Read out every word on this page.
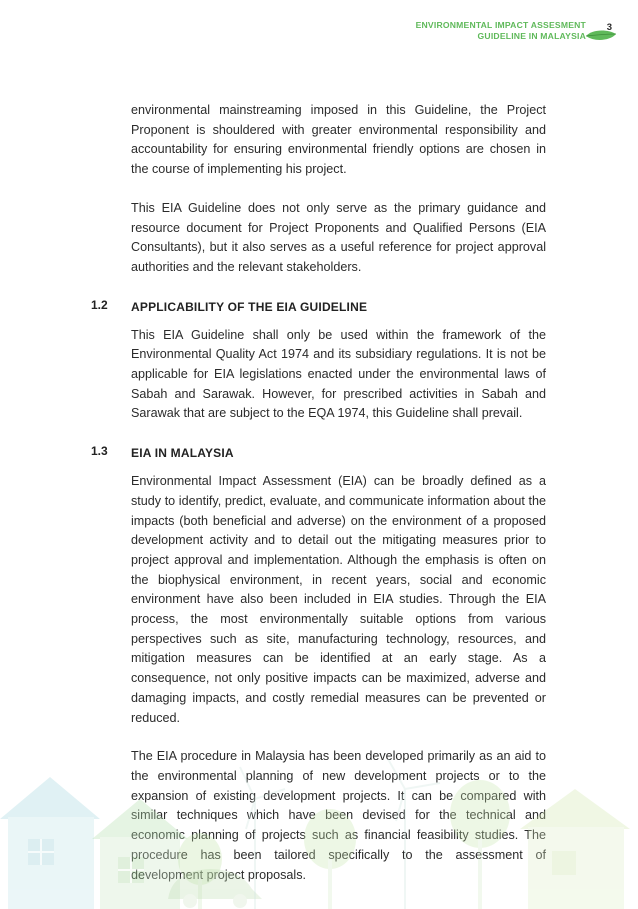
ENVIRONMENTAL IMPACT ASSESMENT
GUIDELINE IN MALAYSIA
3

environmental mainstreaming imposed in this Guideline, the Project Proponent is shouldered with greater environmental responsibility and accountability for ensuring environmental friendly options are chosen in the course of implementing his project.

This EIA Guideline does not only serve as the primary guidance and resource document for Project Proponents and Qualified Persons (EIA Consultants), but it also serves as a useful reference for project approval authorities and the relevant stakeholders.

1.2 APPLICABILITY OF THE EIA GUIDELINE

This EIA Guideline shall only be used within the framework of the Environmental Quality Act 1974 and its subsidiary regulations. It is not be applicable for EIA legislations enacted under the environmental laws of Sabah and Sarawak. However, for prescribed activities in Sabah and Sarawak that are subject to the EQA 1974, this Guideline shall prevail.

1.3 EIA IN MALAYSIA

Environmental Impact Assessment (EIA) can be broadly defined as a study to identify, predict, evaluate, and communicate information about the impacts (both beneficial and adverse) on the environment of a proposed development activity and to detail out the mitigating measures prior to project approval and implementation. Although the emphasis is often on the biophysical environment, in recent years, social and economic environment have also been included in EIA studies. Through the EIA process, the most environmentally suitable options from various perspectives such as site, manufacturing technology, resources, and mitigation measures can be identified at an early stage. As a consequence, not only positive impacts can be maximized, adverse and damaging impacts, and costly remedial measures can be prevented or reduced.

The EIA procedure in Malaysia has been developed primarily as an aid to the environmental planning of new development projects or to the expansion of existing development projects. It can be compared with similar techniques which have been devised for the technical and economic planning of projects such as financial feasibility studies. The procedure has been tailored specifically to the assessment of development project proposals.
